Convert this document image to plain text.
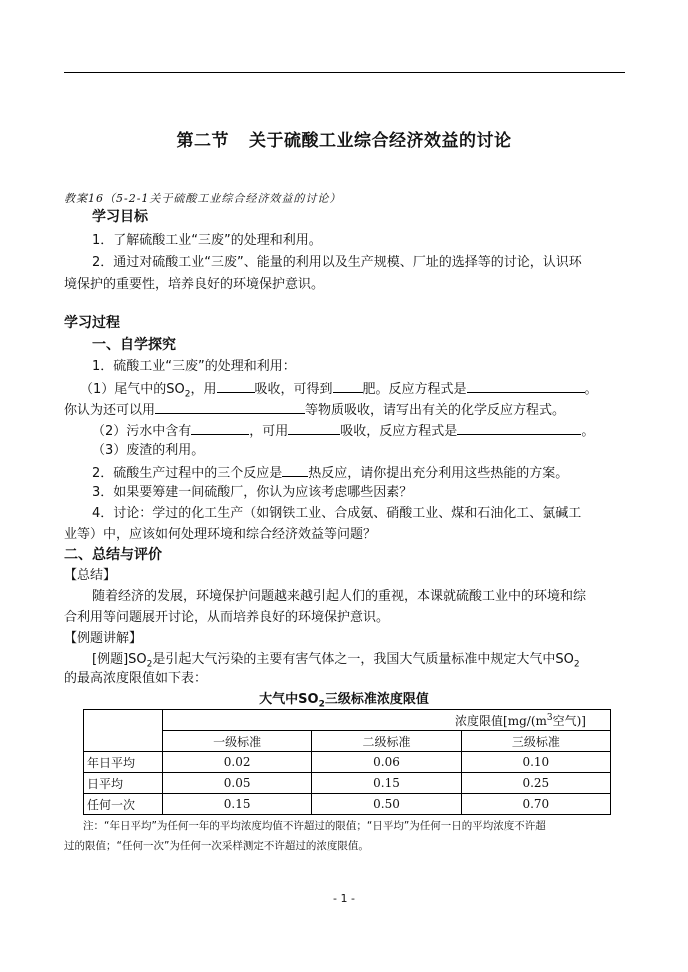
第二节 关于硫酸工业综合经济效益的讨论
教案16（5-2-1关于硫酸工业综合经济效益的讨论）
学习目标
1．了解硫酸工业“三废”的处理和利用。
2．通过对硫酸工业“三废”、能量的利用以及生产规模、厂址的选择等的讨论，认识环
境保护的重要性，培养良好的环境保护意识。
学习过程
一、自学探究
1．硫酸工业“三废”的处理和利用：
（1）尾气中的$SO_2$，用	吸收，可得到 肥。反应方程式是	。
你认为还可以用	等物质吸收，请写出有关的化学反应方程式。
（2）污水中含有	，可用	吸收，反应方程式是	。
（3）废渣的利用。
2．硫酸生产过程中的三个反应是 热反应，请你提出充分利用这些热能的方案。
3．如果要筹建一间硫酸厂，你认为应该考虑哪些因素？
4．讨论：学过的化工生产（如钢铁工业、合成氨、硝酸工业、煤和石油化工、氯碱工
业等）中，应该如何处理环境和综合经济效益等问题？
二、总结与评价
【总结】
随着经济的发展，环境保护问题越来越引起人们的重视，本课就硫酸工业中的环境和综
合利用等问题展开讨论，从而培养良好的环境保护意识。
【例题讲解】
[例题]$SO_2$是引起大气污染的主要有害气体之一，我国大气质量标准中规定大气中$SO_2$
的最高浓度限值如下表：
大气中$SO_2$三级标准浓度限值
	浓度限值[$mg/(m^3$空气)]		
	一级标准	二级标准	三级标准
年日平均	0.02	0.06	0.10
日平均	0.05	0.15	0.25
任何一次	0.15	0.50	0.70
注：“年日平均”为任何一年的平均浓度均值不许超过的限值；“日平均”为任何一日的平均浓度不许超
过的限值；“任何一次”为任何一次采样测定不许超过的浓度限值。
- 1 -
